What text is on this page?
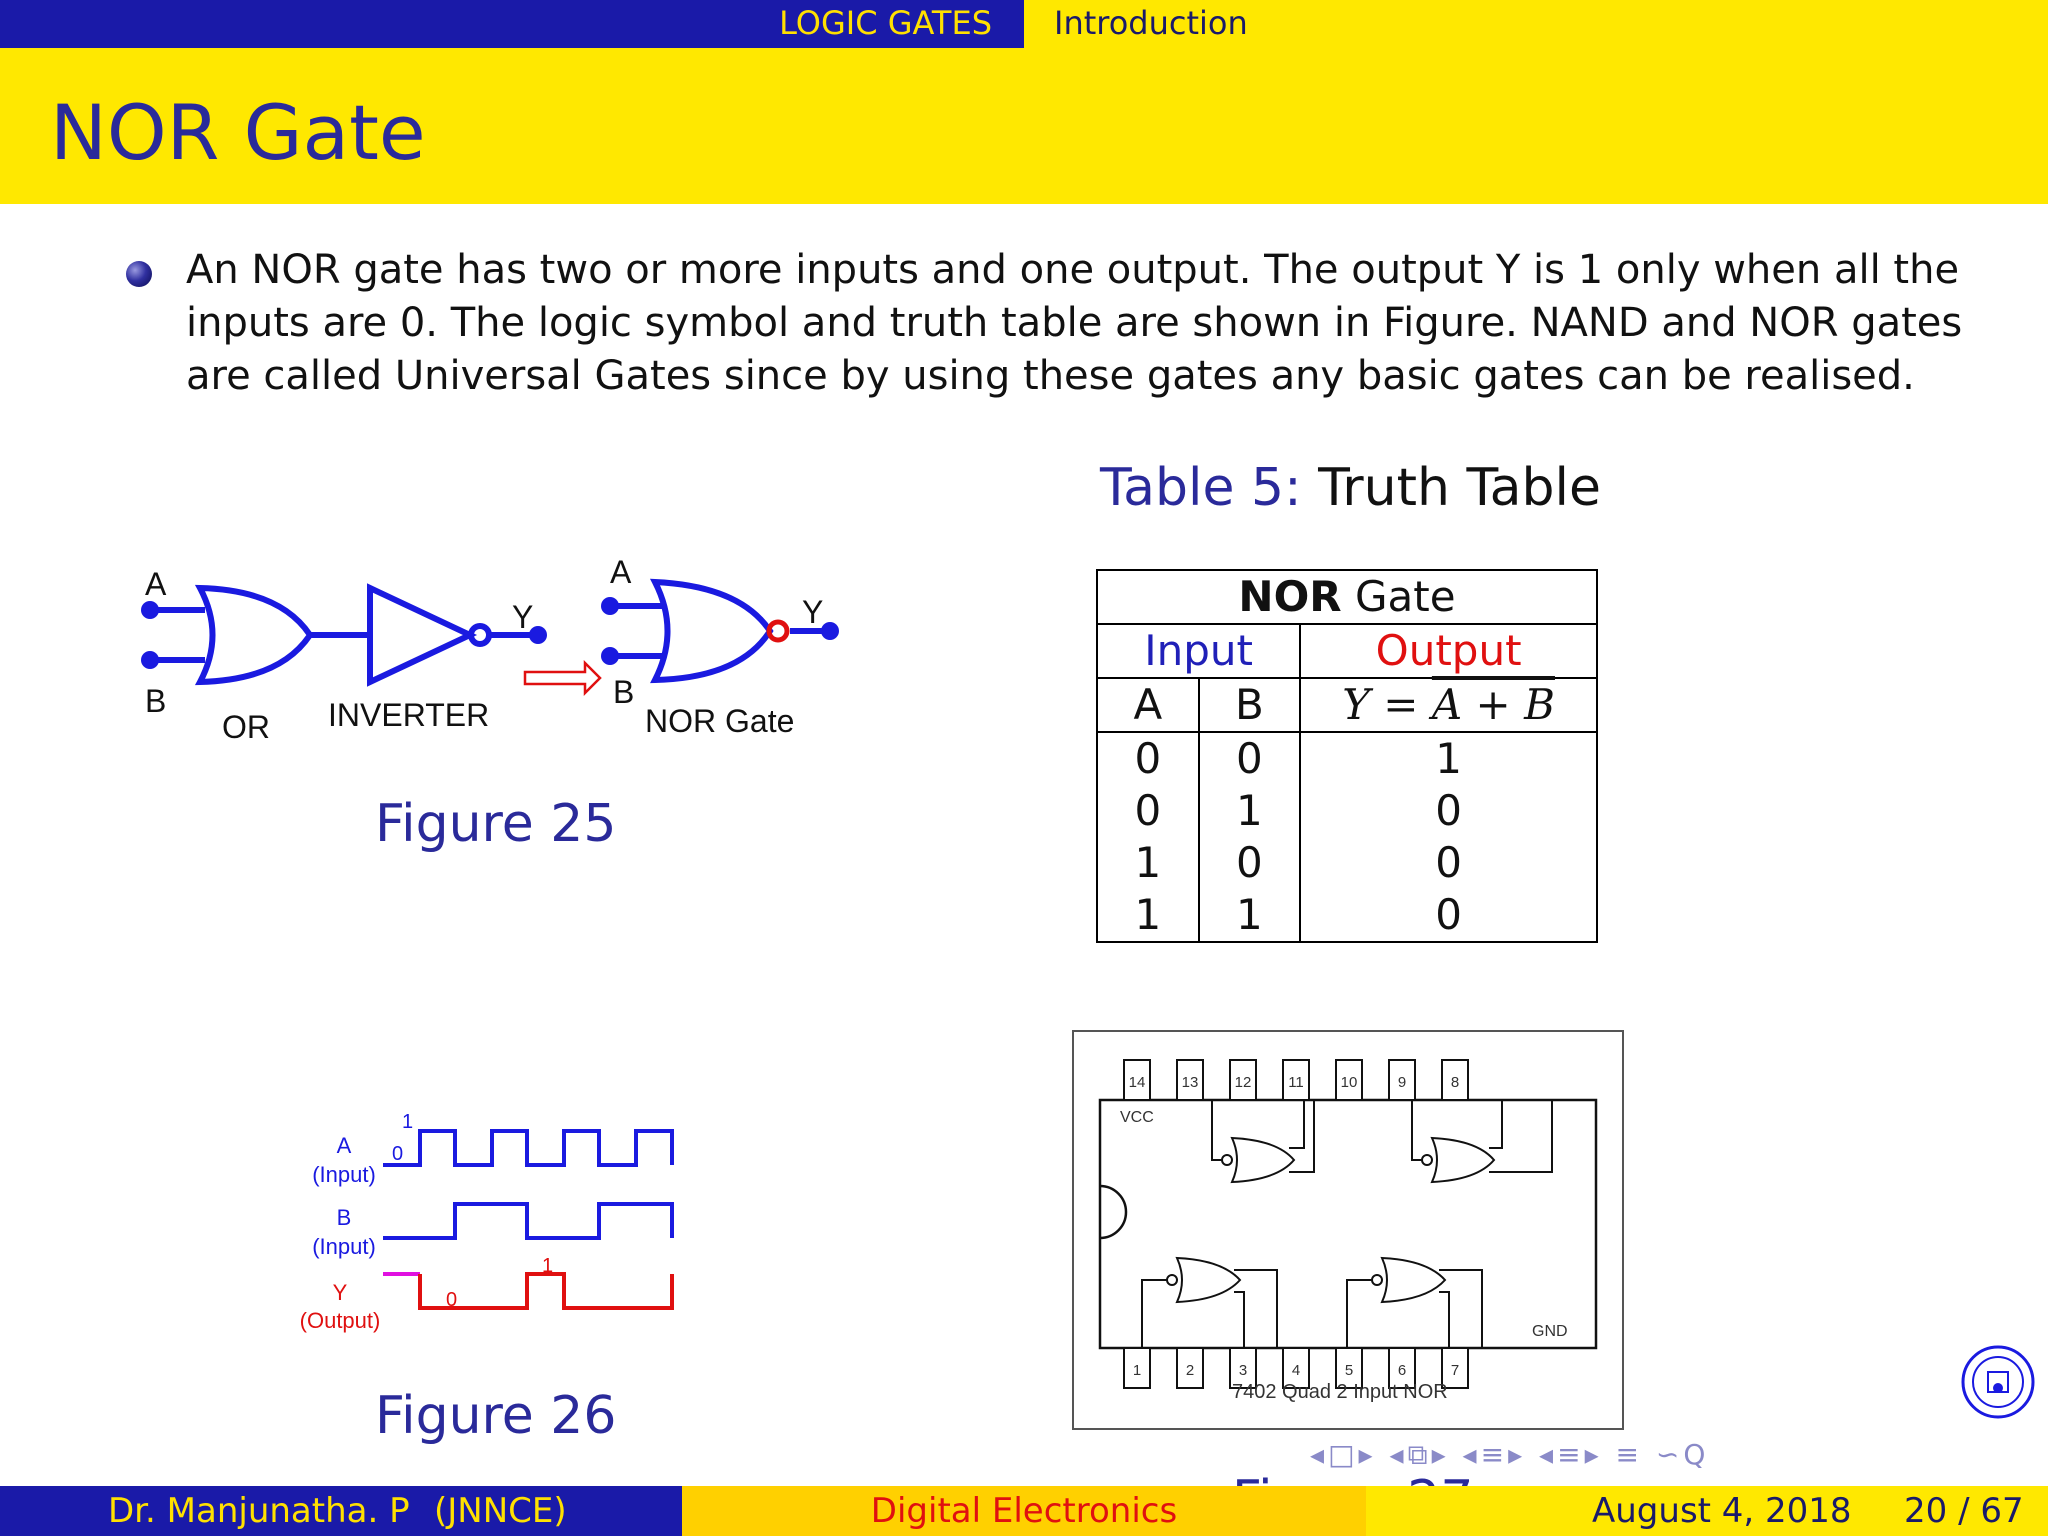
LOGIC GATES	Introduction
NOR Gate

An NOR gate has two or more inputs and one output. The output Y is 1 only when all the inputs are 0. The logic symbol and truth table are shown in Figure. NAND and NOR gates are called Universal Gates since by using these gates any basic gates can be realised.

Table 5: Truth Table
NOR Gate		
Input		Output
A	B	Y = A + B
0	0	1
0	1	0
1	0	0
1	1	0
A
B
OR INVERTER
Y
A
B
NOR Gate
Y
Figure 25
A
(Input)
B
(Input)
Y
(Output)
1
0
0
1
Figure 26
14 13 12 11 10	9	8
1	2	3	4	5	6	7
VCC
GND
7402 Quad 2 Input NOR
◂□▸ ◂⧉▸ ◂≡▸ ◂≡▸ ≡ ∽Q
Dr. Manjunatha. P (JNNCE)	Digital Electronics	August 4, 2018 20 / 67
